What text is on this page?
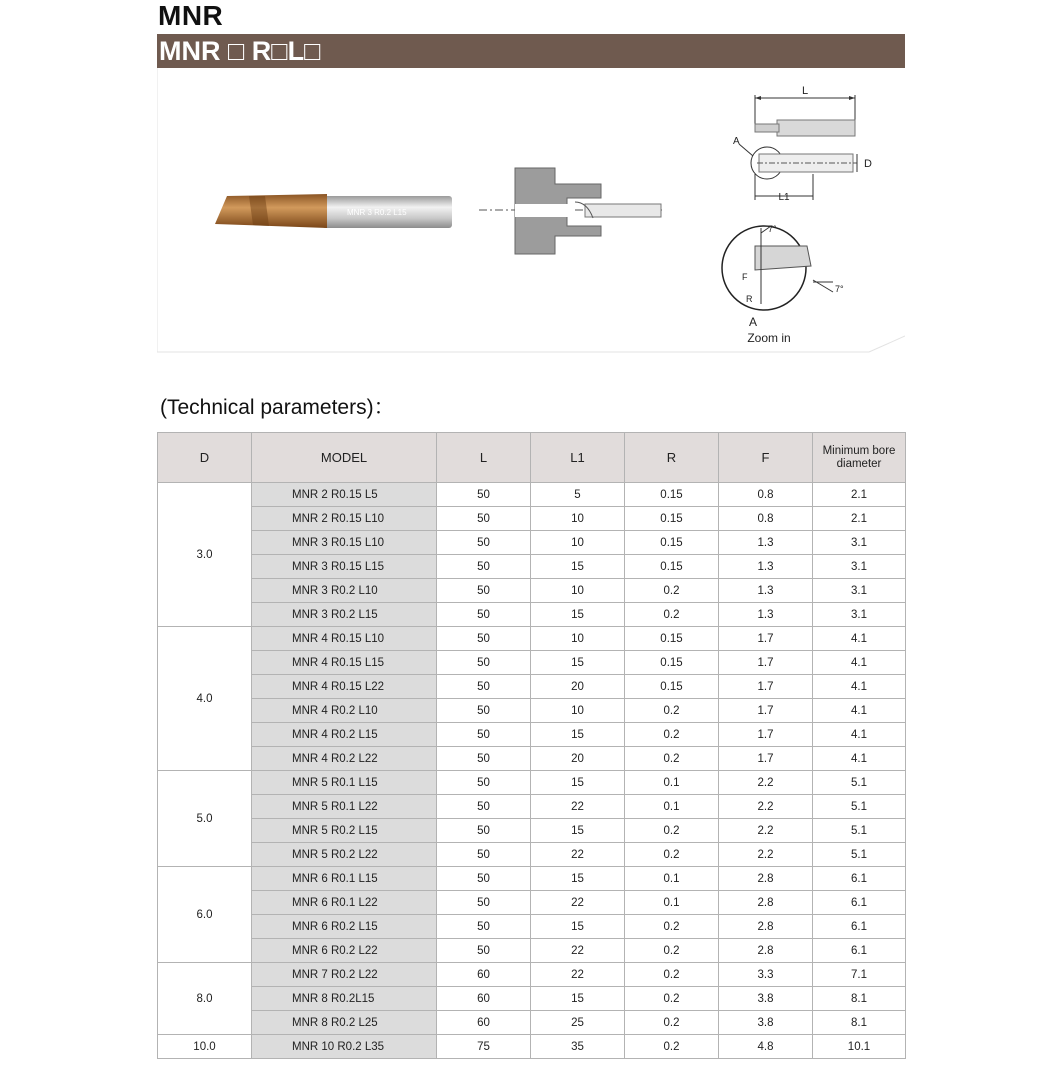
MNR
MNR □ R□L□
MNR 3 R0.2 L15
L
A
D
L1
7°
7°
F
R
A
Zoom in
(Technical parameters)：
D	MODEL	L	L1	R	F	Minimum bore diameter
3.0	MNR 2 R0.15 L5	50	5	0.15	0.8	2.1
	MNR 2 R0.15 L10	50	10	0.15	0.8	2.1
	MNR 3 R0.15 L10	50	10	0.15	1.3	3.1
	MNR 3 R0.15 L15	50	15	0.15	1.3	3.1
	MNR 3 R0.2 L10	50	10	0.2	1.3	3.1
	MNR 3 R0.2 L15	50	15	0.2	1.3	3.1
4.0	MNR 4 R0.15 L10	50	10	0.15	1.7	4.1
	MNR 4 R0.15 L15	50	15	0.15	1.7	4.1
	MNR 4 R0.15 L22	50	20	0.15	1.7	4.1
	MNR 4 R0.2 L10	50	10	0.2	1.7	4.1
	MNR 4 R0.2 L15	50	15	0.2	1.7	4.1
	MNR 4 R0.2 L22	50	20	0.2	1.7	4.1
5.0	MNR 5 R0.1 L15	50	15	0.1	2.2	5.1
	MNR 5 R0.1 L22	50	22	0.1	2.2	5.1
	MNR 5 R0.2 L15	50	15	0.2	2.2	5.1
	MNR 5 R0.2 L22	50	22	0.2	2.2	5.1
6.0	MNR 6 R0.1 L15	50	15	0.1	2.8	6.1
	MNR 6 R0.1 L22	50	22	0.1	2.8	6.1
	MNR 6 R0.2 L15	50	15	0.2	2.8	6.1
	MNR 6 R0.2 L22	50	22	0.2	2.8	6.1
8.0	MNR 7 R0.2 L22	60	22	0.2	3.3	7.1
	MNR 8 R0.2L15	60	15	0.2	3.8	8.1
	MNR 8 R0.2 L25	60	25	0.2	3.8	8.1
10.0	MNR 10 R0.2 L35	75	35	0.2	4.8	10.1
